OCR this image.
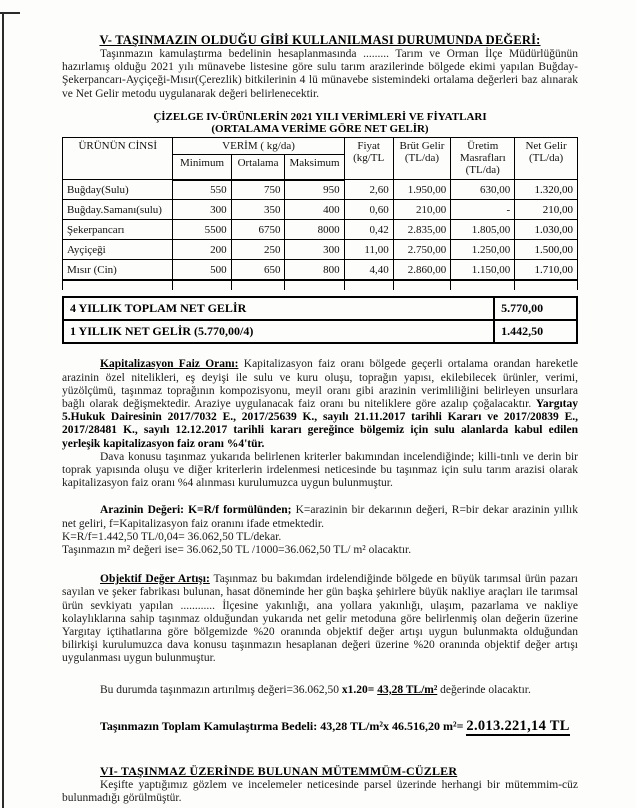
V- TAŞINMAZIN OLDUĞU GİBİ KULLANILMASI DURUMUNDA DEĞERİ:

Taşınmazın kamulaştırma bedelinin hesaplanmasında ......... Tarım ve Orman İlçe Müdürlüğünün hazırlamış olduğu 2021 yılı münavebe listesine göre sulu tarım arazilerinde bölgede ekimi yapılan Buğday-Şekerpancarı-Ayçiçeği-Mısır(Çerezlik) bitkilerinin 4 lü münavebe sistemindeki ortalama değerleri baz alınarak ve Net Gelir metodu uygulanarak değeri belirlenecektir.

ÇİZELGE IV-ÜRÜNLERİN 2021 YILI VERİMLERİ VE FİYATLARI
(ORTALAMA VERİME GÖRE NET GELİR)
ÜRÜNÜN CİNSİ	VERİM ( kg/da)			Fiyat (kg/TL	Brüt Gelir (TL/da)	Üretim Masrafları (TL/da)	Net Gelir (TL/da)
	Minimum	Ortalama	Maksimum				
Buğday(Sulu)	550	750	950	2,60	1.950,00	630,00	1.320,00
Buğday.Samanı(sulu)	300	350	400	0,60	210,00	-	210,00
Şekerpancarı	5500	6750	8000	0,42	2.835,00	1.805,00	1.030,00
Ayçiçeği	200	250	300	11,00	2.750,00	1.250,00	1.500,00
Mısır (Cin)	500	650	800	4,40	2.860,00	1.150,00	1.710,00

4 YILLIK TOPLAM NET GELİR	5.770,00
1 YILLIK NET GELİR (5.770,00/4)	1.442,50

Kapitalizasyon Faiz Oranı: Kapitalizasyon faiz oranı bölgede geçerli ortalama orandan hareketle arazinin özel nitelikleri, eş deyişi ile sulu ve kuru oluşu, toprağın yapısı, ekilebilecek ürünler, verimi, yüzölçümü, taşınmaz toprağının kompozisyonu, meyil oranı gibi arazinin verimliliğini belirleyen unsurlara bağlı olarak değişmektedir. Araziye uygulanacak faiz oranı bu niteliklere göre azalıp çoğalacaktır. Yargıtay 5.Hukuk Dairesinin 2017/7032 E., 2017/25639 K., sayılı 21.11.2017 tarihli Kararı ve 2017/20839 E., 2017/28481 K., sayılı 12.12.2017 tarihli kararı gereğince bölgemiz için sulu alanlarda kabul edilen yerleşik kapitalizasyon faiz oranı %4'tür.

Dava konusu taşınmaz yukarıda belirlenen kriterler bakımından incelendiğinde; killi-tınlı ve derin bir toprak yapısında oluşu ve diğer kriterlerin irdelenmesi neticesinde bu taşınmaz için sulu tarım arazisi olarak kapitalizasyon faiz oranı %4 alınması kurulumuzca uygun bulunmuştur.

Arazinin Değeri: K=R/f formülünden; K=arazinin bir dekarının değeri, R=bir dekar arazinin yıllık net geliri, f=Kapitalizasyon faiz oranını ifade etmektedir.

K=R/f=1.442,50 TL/0,04= 36.062,50 TL/dekar.

Taşınmazın m² değeri ise= 36.062,50 TL /1000=36.062,50 TL/ m² olacaktır.

Objektif Değer Artışı: Taşınmaz bu bakımdan irdelendiğinde bölgede en büyük tarımsal ürün pazarı sayılan ve şeker fabrikası bulunan, hasat döneminde her gün başka şehirlere büyük nakliye araçları ile tarımsal ürün sevkiyatı yapılan ............ İlçesine yakınlığı, ana yollara yakınlığı, ulaşım, pazarlama ve nakliye kolaylıklarına sahip taşınmaz olduğundan yukarıda net gelir metoduna göre belirlenmiş olan değerin üzerine Yargıtay içtihatlarına göre bölgemizde %20 oranında objektif değer artışı uygun bulunmakta olduğundan bilirkişi kurulumuzca dava konusu taşınmazın hesaplanan değeri üzerine %20 oranında objektif değer artışı uygulanması uygun bulunmuştur.

Bu durumda taşınmazın artırılmış değeri=36.062,50 x1.20= 43,28 TL/m² değerinde olacaktır.

Taşınmazın Toplam Kamulaştırma Bedeli: 43,28 TL/m²x 46.516,20 m²= 2.013.221,14 TL

VI- TAŞINMAZ ÜZERİNDE BULUNAN MÜTEMMÜM-CÜZLER

Keşifte yaptığımız gözlem ve incelemeler neticesinde parsel üzerinde herhangi bir mütemmim-cüz bulunmadığı görülmüştür.
